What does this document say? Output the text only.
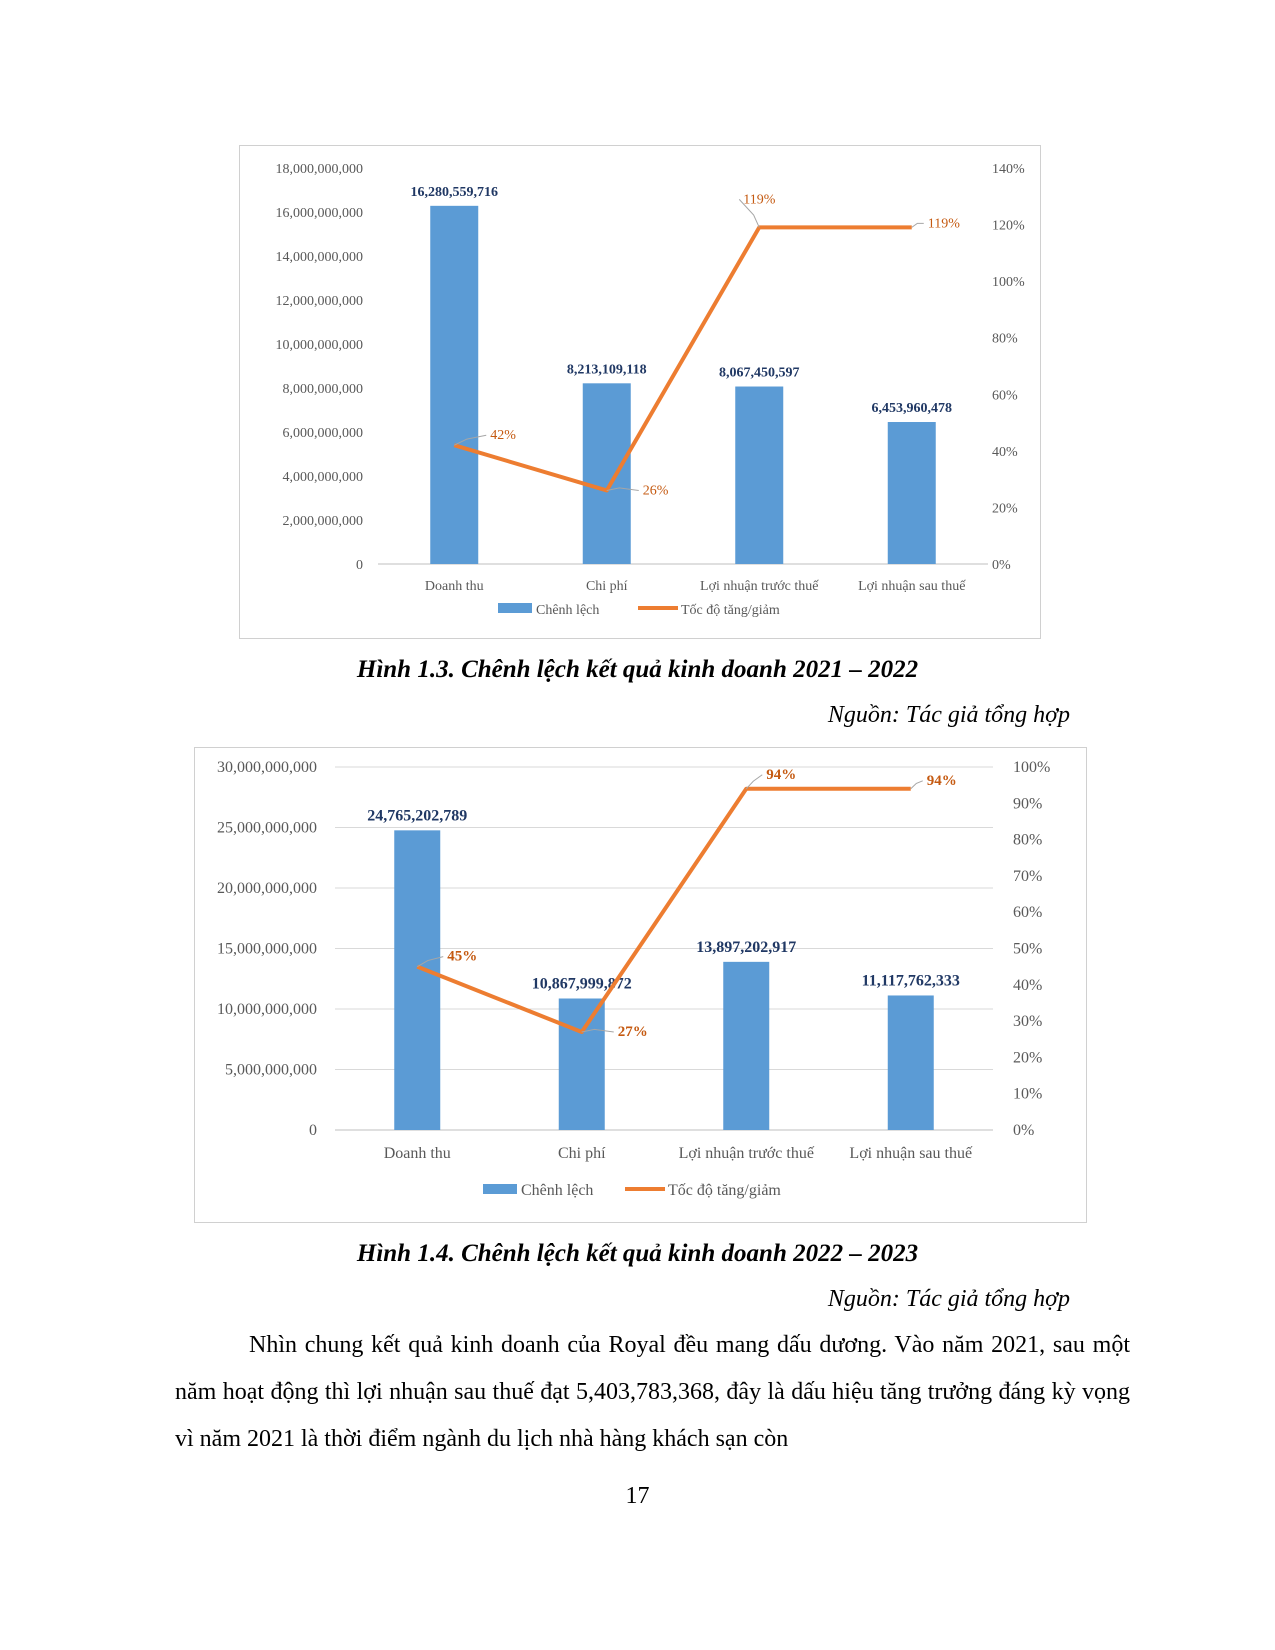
0
2,000,000,000
4,000,000,000
6,000,000,000
8,000,000,000
10,000,000,000
12,000,000,000
14,000,000,000
16,000,000,000
18,000,000,000
0%
20%
40%
60%
80%
100%
120%
140%
16,280,559,716
8,213,109,118	8,067,450,597
6,453,960,478
Doanh thu	Chi phí	Lợi nhuận trước thuế	Lợi nhuận sau thuế
42%
26%
119%
119%
Chênh lệch	Tốc độ tăng/giảm
Hình 1.3. Chênh lệch kết quả kinh doanh 2021 – 2022
Nguồn: Tác giả tổng hợp
0
5,000,000,000
10,000,000,000
15,000,000,000
20,000,000,000
25,000,000,000
30,000,000,000
0%
10%
20%
30%
40%
50%
60%
70%
80%
90%
100%
24,765,202,789
10,867,999,872
13,897,202,917
11,117,762,333
Doanh thu	Chi phí	Lợi nhuận trước thuế Lợi nhuận sau thuế
45%
27%
94%	94%
Chênh lệch	Tốc độ tăng/giảm
Hình 1.4. Chênh lệch kết quả kinh doanh 2022 – 2023
Nguồn: Tác giả tổng hợp

Nhìn chung kết quả kinh doanh của Royal đều mang dấu dương. Vào năm 2021, sau một năm hoạt động thì lợi nhuận sau thuế đạt 5,403,783,368, đây là dấu hiệu tăng trưởng đáng kỳ vọng vì năm 2021 là thời điểm ngành du lịch nhà hàng khách sạn còn

17
